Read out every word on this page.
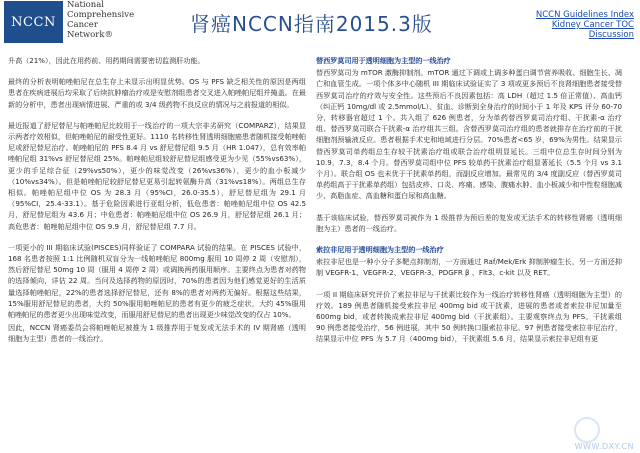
NCCN
National
Comprehensive
Cancer
Network®	肾癌NCCN指南2015.3版	NCCN Guidelines Index
Kidney Cancer TOC
Discussion

升高（21%），因此在用药前、用药期间需要密切监测肝功能。

最终的分析表明帕唑帕尼在总生存上未显示出明显优势。OS 与 PFS 缺乏相关性的原因是两组患者在疾病进展后均采取了后续抗肿瘤治疗或是安慰剂组患者交叉进入帕唑帕尼组并掩盖。在最新的分析中，患者出现病情进展、严重的或 3/4 级药物不良反应的情况与之前报道的相似。

最近报道了舒尼替尼与帕唑帕尼比较用于一线治疗的一项大宗非劣研究（COMPARZ），结果显示两者疗效相似，但帕唑帕尼的耐受性更好。1110 名转移性肾透明细胞癌患者随机接受帕唑帕尼或舒尼替尼治疗。帕唑帕尼的 PFS 8.4 月 vs 舒尼替尼组 9.5 月（HR 1.047），总有效率帕唑帕尼组 31%vs 舒尼替尼组 25%。帕唑帕尼组较舒尼替尼组感受更为少见（55%vs63%），更少的手足综合征（29%vs50%），更少的味觉改变（26%vs36%），更少的血小板减少（10%vs34%）。但是帕唑帕尼较舒尼替尼更易引起转氨酶升高（31%vs18%）。两组总生存相似。帕唑帕尼组中位 OS 为 28.3 月（95%CI，26.0-35.5），舒尼替尼组为 29.1 月（95%CI，25.4-33.1）。基于危险因素进行亚组分析，低危患者：帕唑帕尼组中位 OS 42.5 月，舒尼替尼组为 43.6 月；中危患者：帕唑帕尼组中位 OS 26.9 月，舒尼替尼组 26.1 月；高危患者：帕唑帕尼组中位 OS 9.9 月，舒尼替尼组 7.7 月。

一项更小的 III 期临床试验(PISCES)同样验证了 COMPARA 试验的结果。在 PISCES 试验中，168 名患者按照 1:1 比例随机双盲分为一线帕唑帕尼 800mg 服用 10 周停 2 周（安慰剂），然后舒尼替尼 50mg 10 周（服用 4 周停 2 周）或调换两药服用顺序。主要终点为患者对药物的选择倾向，详估 22 周。当问及选择药物的原因时，70%的患者因为他们感觉更好的生活质量选择帕唑帕尼，22%的患者选择舒尼替尼，还有 8%的患者对两药无偏好。根据这些结果，15%服用舒尼替尼的患者，大约 50%服用帕唑帕尼的患者有更少的疲乏症状，大约 45%服用帕唑帕尼的患者更少出现味觉改变，而服用舒尼替尼的患者出现更少味觉改变的仅占 10%。

因此，NCCN 肾癌委员会将帕唑帕尼被推为 1 级推荐用于复发或无法手术的 IV 期肾癌（透明细胞为主型）患者的一线治疗。

替西罗莫司用于透明细胞为主型的一线治疗

替西罗莫司为 mTOR 激酶抑制剂。mTOR 通过下调或上调多种蛋白调节营养吸收、细胞生长、凋亡和血管生成。一项个体多中心随机 III 期临床试验证实了 3 项或更多预后不良肾细胞患者接受替西罗莫司治疗的疗效与安全性。这些预后不良因素包括：高 LDH（超过 1.5 倍正常值）、高血钙（纠正钙 10mg/dl 或 2.5mmol/L）、贫血、诊断到全身治疗的时间小于 1 年及 KPS 评分 60-70 分，转移器官超过 1 个。共入组了 626 例患者，分为单药替西罗莫司治疗组、干扰素-α 治疗组、替西罗莫司联合干扰素-α 治疗组共三组。含替西罗莫司治疗组的患者就排存在治疗前的干扰细胞剂预输液反应。患者根据手术史和地域进行分层。70%患者<65 岁，69%为男性。结果显示替西罗莫司单药组总生存较干扰素治疗组或联合治疗组明显延长。三组中位总生存时间分别为 10.9，7.3，8.4 个月。替西罗莫司组中位 PFS 较单药干扰素治疗组显著延长（5.5 个月 vs 3.1 个月）。联合组 OS 也未优于干扰素单药组，而副反应增加。最常见的 3/4 度副反应（替西罗莫司单药组高于干扰素单药组）包括皮疹、口炎、疼痛、感染、腹痛水肿、血小板减少和中性粒细胞减少、高脂血症、高血糖和蛋白尿和高血糖。

基于该临床试验，替西罗莫司被作为 1 级推荐为预后差的复发或无法手术的转移性肾癌（透明细胞为主）患者的一线治疗。

索拉非尼用于透明细胞为主型的一线治疗

索拉非尼也是一种小分子多靶点抑制剂，一方面通过 Raf/Mek/Erk 抑制肿瘤生长，另一方面还抑制 VEGFR-1、VEGFR-2、VEGFR-3、PDGFR β 、Flt3、c-kit 以及 RET。

一项 II 期临床研究评价了索拉非尼与干扰素比较作为一线治疗转移性肾癌（透明细胞为主型）的疗效。189 例患者随机接受索拉非尼 400mg bid 或干扰素，进展的患者或者索拉非尼加量至 600mg bid，或者转换成索拉非尼 400mg bid（干扰素组）。主要观察终点为 PFS。干扰素组 90 例患者接受治疗，56 例进展，其中 50 例转换口服索拉非尼。97 例患者接受索拉非尼治疗，结果显示中位 PFS 为 5.7 月（400mg bid），干扰素组 5.6 月，结果显示索拉非尼组有更

WWW.DXY.CN
